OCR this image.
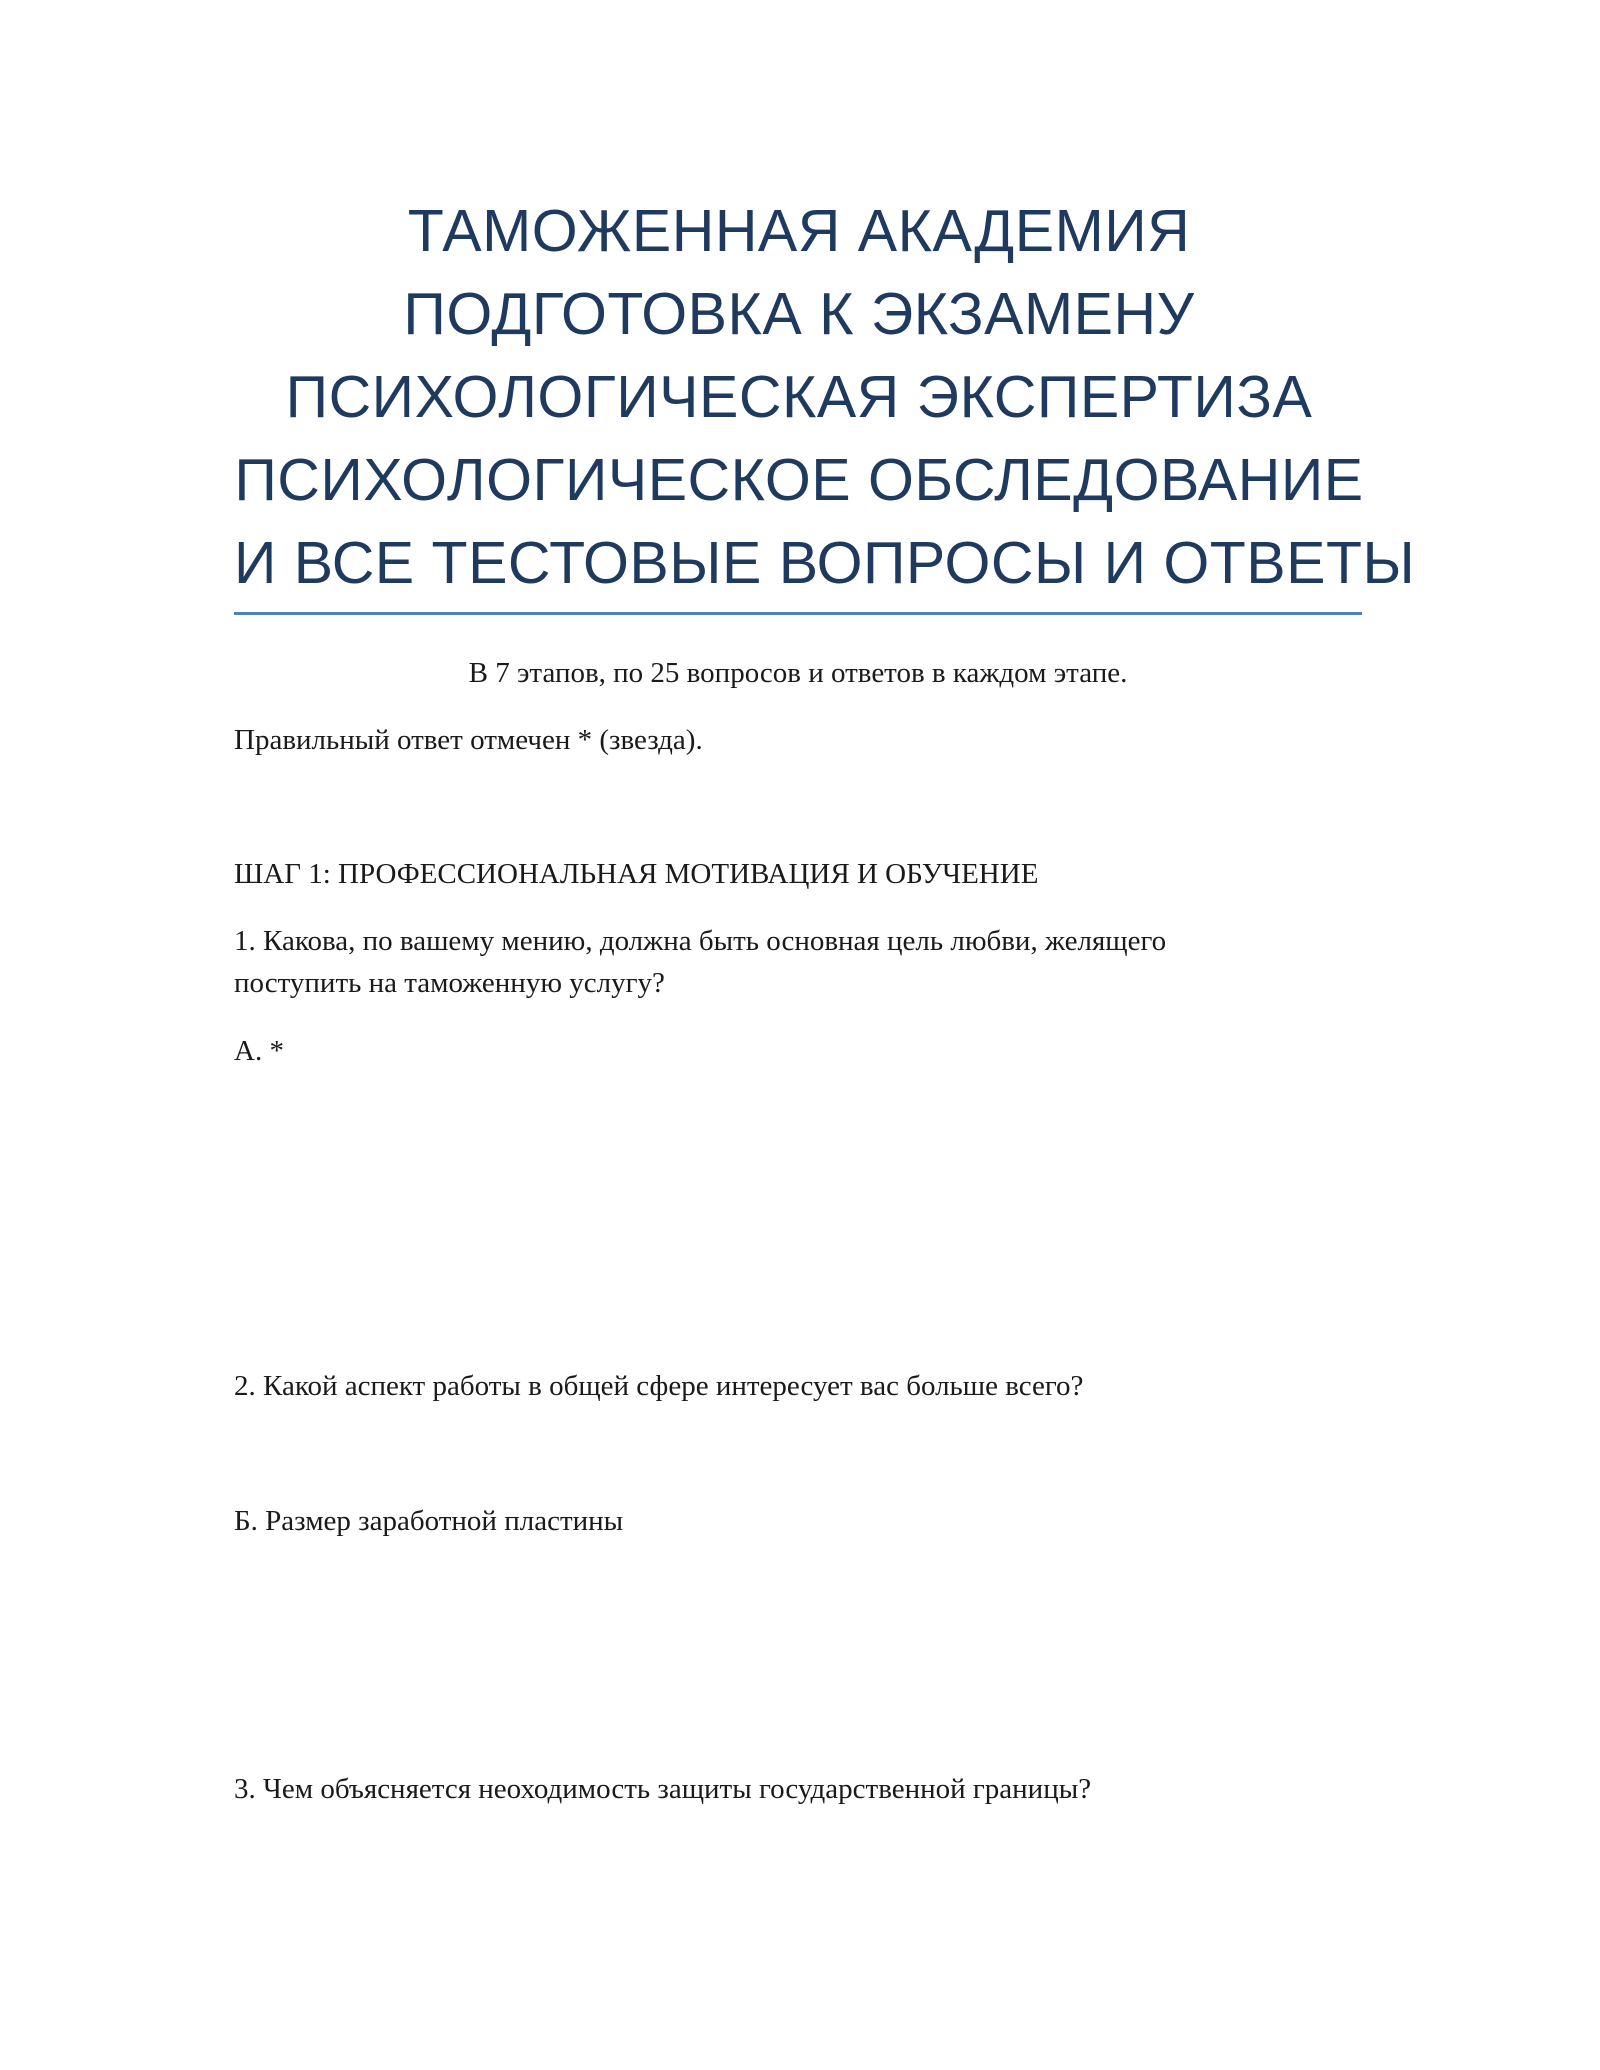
ТАМОЖЕННАЯ АКАДЕМИЯ
ПОДГОТОВКА К ЭКЗАМЕНУ
ПСИХОЛОГИЧЕСКАЯ ЭКСПЕРТИЗА
ПСИХОЛОГИЧЕСКОЕ ОБСЛЕДОВАНИЕ
И ВСЕ ТЕСТОВЫЕ ВОПРОСЫ И ОТВЕТЫ
В 7 этапов, по 25 вопросов и ответов в каждом этапе.
Правильный ответ отмечен * (звезда).
ШАГ 1: ПРОФЕССИОНАЛЬНАЯ МОТИВАЦИЯ И ОБУЧЕНИЕ
1. Какова, по вашему мению, должна быть основная цель любви, желящего
поступить на таможенную услугу?
А. *
2. Какой аспект работы в общей сфере интересует вас больше всего?
Б. Размер заработной пластины
3. Чем объясняется неоходимость защиты государственной границы?
